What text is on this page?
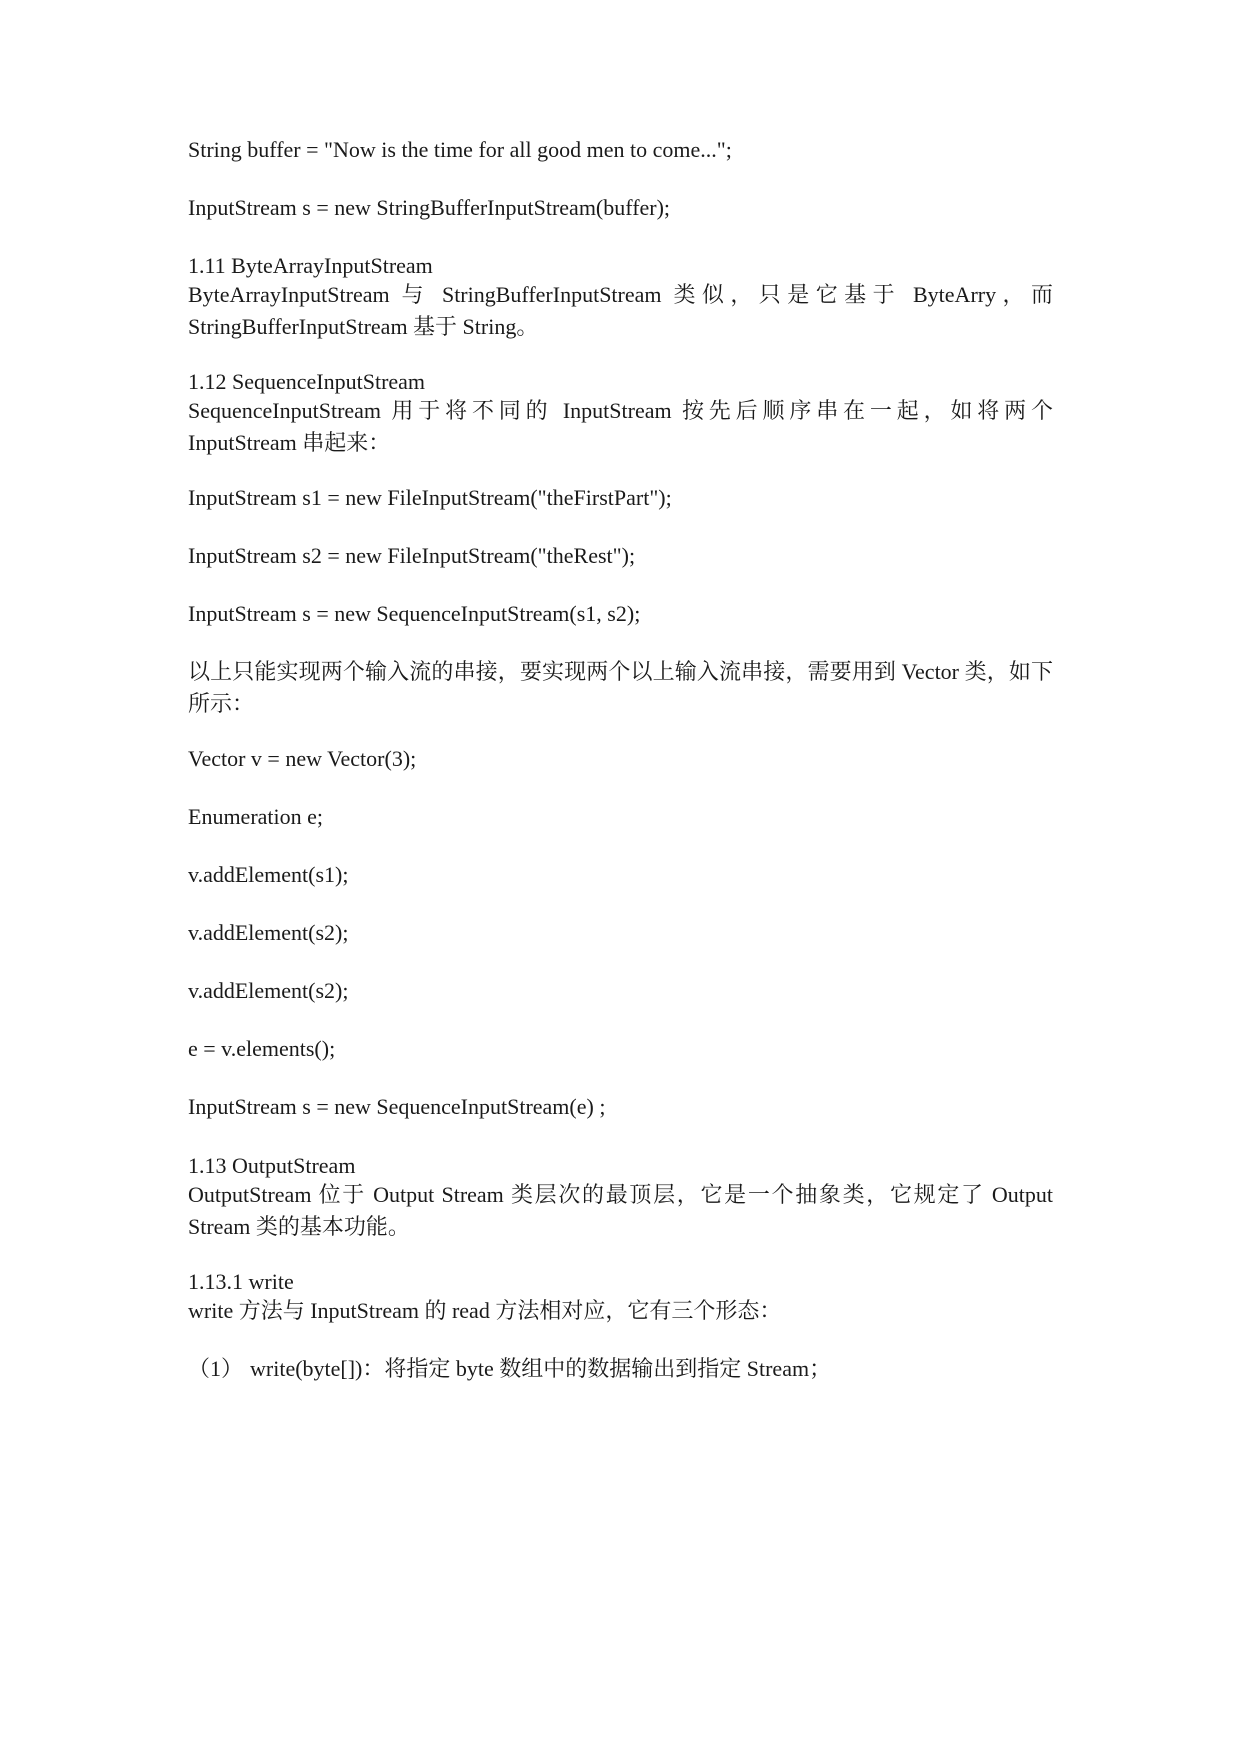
String buffer = "Now is the time for all good men to come...";
InputStream s = new StringBufferInputStream(buffer);
1.11 ByteArrayInputStream
ByteArrayInputStream 与 StringBufferInputStream 类似，只是它基于 ByteArry，而 StringBufferInputStream 基于 String。
1.12 SequenceInputStream
SequenceInputStream 用于将不同的 InputStream 按先后顺序串在一起，如将两个 InputStream 串起来：
InputStream s1 = new FileInputStream("theFirstPart");
InputStream s2 = new FileInputStream("theRest");
InputStream s = new SequenceInputStream(s1, s2);
以上只能实现两个输入流的串接，要实现两个以上输入流串接，需要用到 Vector 类，如下所示：
Vector v = new Vector(3);
Enumeration e;
v.addElement(s1);
v.addElement(s2);
v.addElement(s2);
e = v.elements();
InputStream s = new SequenceInputStream(e) ;
1.13 OutputStream
OutputStream 位于 Output Stream 类层次的最顶层，它是一个抽象类，它规定了 Output Stream 类的基本功能。
1.13.1 write
write 方法与 InputStream 的 read 方法相对应，它有三个形态：
（1） write(byte[])：将指定 byte 数组中的数据输出到指定 Stream；
